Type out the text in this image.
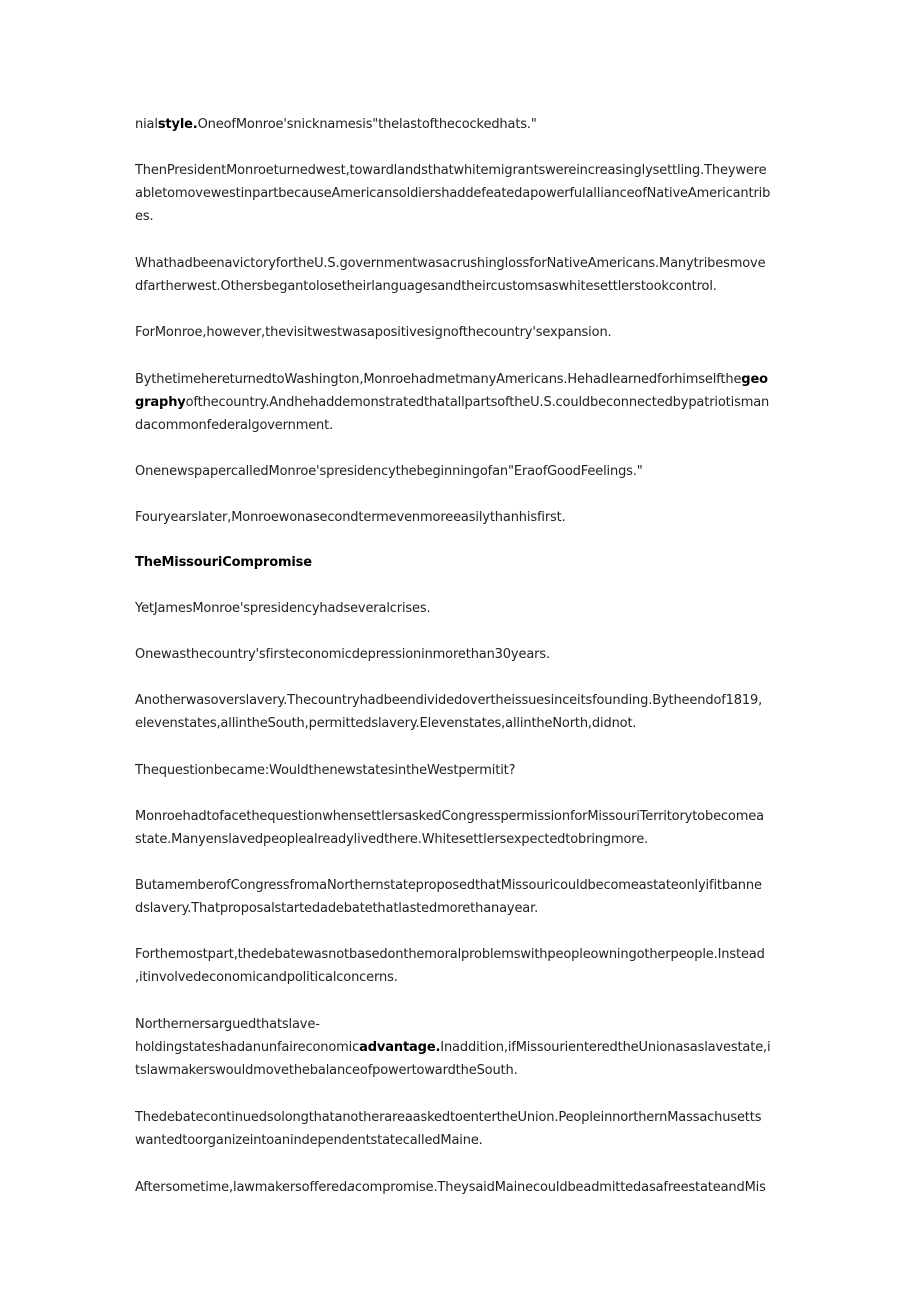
nialstyle.OneofMonroe'snicknamesis"thelastofthecockedhats."
ThenPresidentMonroeturnedwest,towardlandsthatwhitemigrantswereincreasinglysettling.Theywere
abletomovewestinpartbecauseAmericansoldiershaddefeatedapowerfulallianceofNativeAmericantrib
es.
WhathadbeenavictoryfortheU.S.governmentwasacrushinglossforNativeAmericans.Manytribesmove
dfartherwest.Othersbegantolosetheirlanguagesandtheircustomsaswhitesettlerstookcontrol.
ForMonroe,however,thevisitwestwasapositivesignofthecountry'sexpansion.
BythetimehereturnedtoWashington,MonroehadmetmanyAmericans.Hehadlearnedforhimselfthegeo
graphyofthecountry.AndhehaddemonstratedthatallpartsoftheU.S.couldbeconnectedbypatriotisman
dacommonfederalgovernment.
OnenewspapercalledMonroe'spresidencythebeginningofan"EraofGoodFeelings."
Fouryearslater,Monroewonasecondtermevenmoreeasilythanhisfirst.
TheMissouriCompromise
YetJamesMonroe'spresidencyhadseveralcrises.
Onewasthecountry'sfirsteconomicdepressioninmorethan30years.
Anotherwasoverslavery.Thecountryhadbeendividedovertheissuesinceitsfounding.Bytheendof1819,
elevenstates,allintheSouth,permittedslavery.Elevenstates,allintheNorth,didnot.
Thequestionbecame:WouldthenewstatesintheWestpermitit?
MonroehadtofacethequestionwhensettlersaskedCongresspermissionforMissouriTerritorytobecomea
state.Manyenslavedpeoplealreadylivedthere.Whitesettlersexpectedtobringmore.
ButamemberofCongressfromaNorthernstateproposedthatMissouricouldbecomeastateonlyifitbanne
dslavery.Thatproposalstartedadebatethatlastedmorethanayear.
Forthemostpart,thedebatewasnotbasedonthemoralproblemswithpeopleowningotherpeople.Instead
,itinvolvedeconomicandpoliticalconcerns.
Northernersarguedthatslave-
holdingstateshadanunfaireconomicadvantage.Inaddition,ifMissourienteredtheUnionasaslavestate,i
tslawmakerswouldmovethebalanceofpowertowardtheSouth.
ThedebatecontinuedsolongthatanotherareaaskedtoentertheUnion.PeopleinnorthernMassachusetts
wantedtoorganizeintoanindependentstatecalledMaine.
Aftersometime,lawmakersofferedacompromise.TheysaidMainecouldbeadmittedasafreestateandMis
